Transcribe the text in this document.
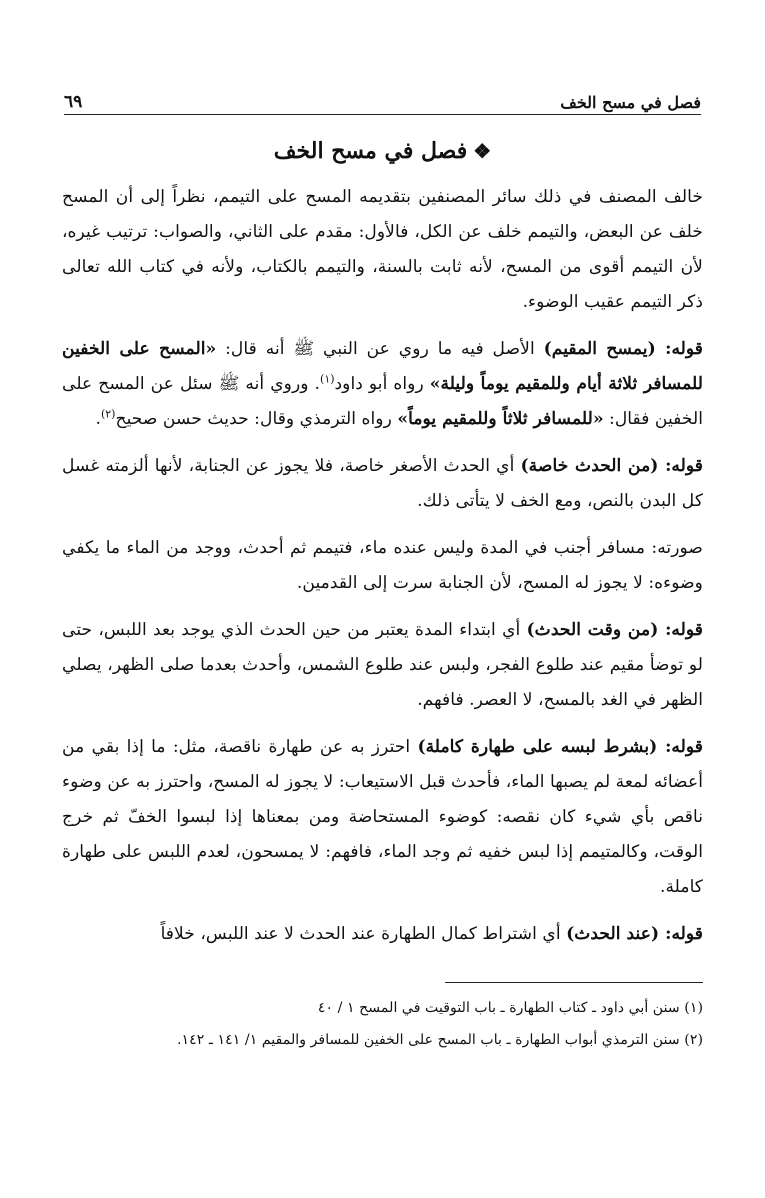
فصل في مسح الخف
٦٩
❖فصل في مسح الخف

خالف المصنف في ذلك سائر المصنفين بتقديمه المسح على التيمم، نظراً إلى أن المسح خلف عن البعض، والتيمم خلف عن الكل، فالأول: مقدم على الثاني، والصواب: ترتيب غيره، لأن التيمم أقوى من المسح، لأنه ثابت بالسنة، والتيمم بالكتاب، ولأنه في كتاب الله تعالى ذكر التيمم عقيب الوضوء.

قوله: (يمسح المقيم) الأصل فيه ما روي عن النبي ﷺ أنه قال: «المسح على الخفين للمسافر ثلاثة أيام وللمقيم يوماً وليلة» رواه أبو داود$^{(١)}$. وروي أنه ﷺ سئل عن المسح على الخفين فقال: «للمسافر ثلاثاً وللمقيم يوماً» رواه الترمذي وقال: حديث حسن صحيح$^{(٢)}$.

قوله: (من الحدث خاصة) أي الحدث الأصغر خاصة، فلا يجوز عن الجنابة، لأنها ألزمته غسل كل البدن بالنص، ومع الخف لا يتأتى ذلك.

صورته: مسافر أجنب في المدة وليس عنده ماء، فتيمم ثم أحدث، ووجد من الماء ما يكفي وضوءه: لا يجوز له المسح، لأن الجنابة سرت إلى القدمين.

قوله: (من وقت الحدث) أي ابتداء المدة يعتبر من حين الحدث الذي يوجد بعد اللبس، حتى لو توضأ مقيم عند طلوع الفجر، ولبس عند طلوع الشمس، وأحدث بعدما صلى الظهر، يصلي الظهر في الغد بالمسح، لا العصر. فافهم.

قوله: (بشرط لبسه على طهارة كاملة) احترز به عن طهارة ناقصة، مثل: ما إذا بقي من أعضائه لمعة لم يصبها الماء، فأحدث قبل الاستيعاب: لا يجوز له المسح، واحترز به عن وضوء ناقص بأي شيء كان نقصه: كوضوء المستحاضة ومن بمعناها إذا لبسوا الخفّ ثم خرج الوقت، وكالمتيمم إذا لبس خفيه ثم وجد الماء، فافهم: لا يمسحون، لعدم اللبس على طهارة كاملة.

قوله: (عند الحدث) أي اشتراط كمال الطهارة عند الحدث لا عند اللبس، خلافاً

(١) سنن أبي داود ـ كتاب الطهارة ـ باب التوقيت في المسح ١ / ٤٠

(٢) سنن الترمذي أبواب الطهارة ـ باب المسح على الخفين للمسافر والمقيم ١/ ١٤١ ـ ١٤٢.
